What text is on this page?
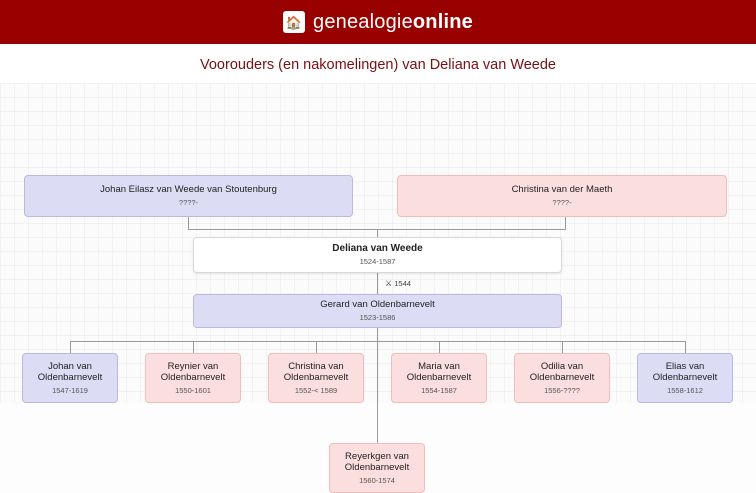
🏠 genealogieonline
Voorouders (en nakomelingen) van Deliana van Weede
Johan Eilasz van Weede van Stoutenburg
????-
Christina van der Maeth
????-
Deliana van Weede
1524-1587
⚔ 1544
Gerard van Oldenbarnevelt
1523-1586
Johan van Oldenbarnevelt
1547-1619
Reynier van Oldenbarnevelt
1550-1601
Christina van Oldenbarnevelt
1552-< 1589
Maria van Oldenbarnevelt
1554-1587
Odilia van Oldenbarnevelt
1556-????
Elias van Oldenbarnevelt
1558-1612
Reyerkgen van Oldenbarnevelt
1560-1574
